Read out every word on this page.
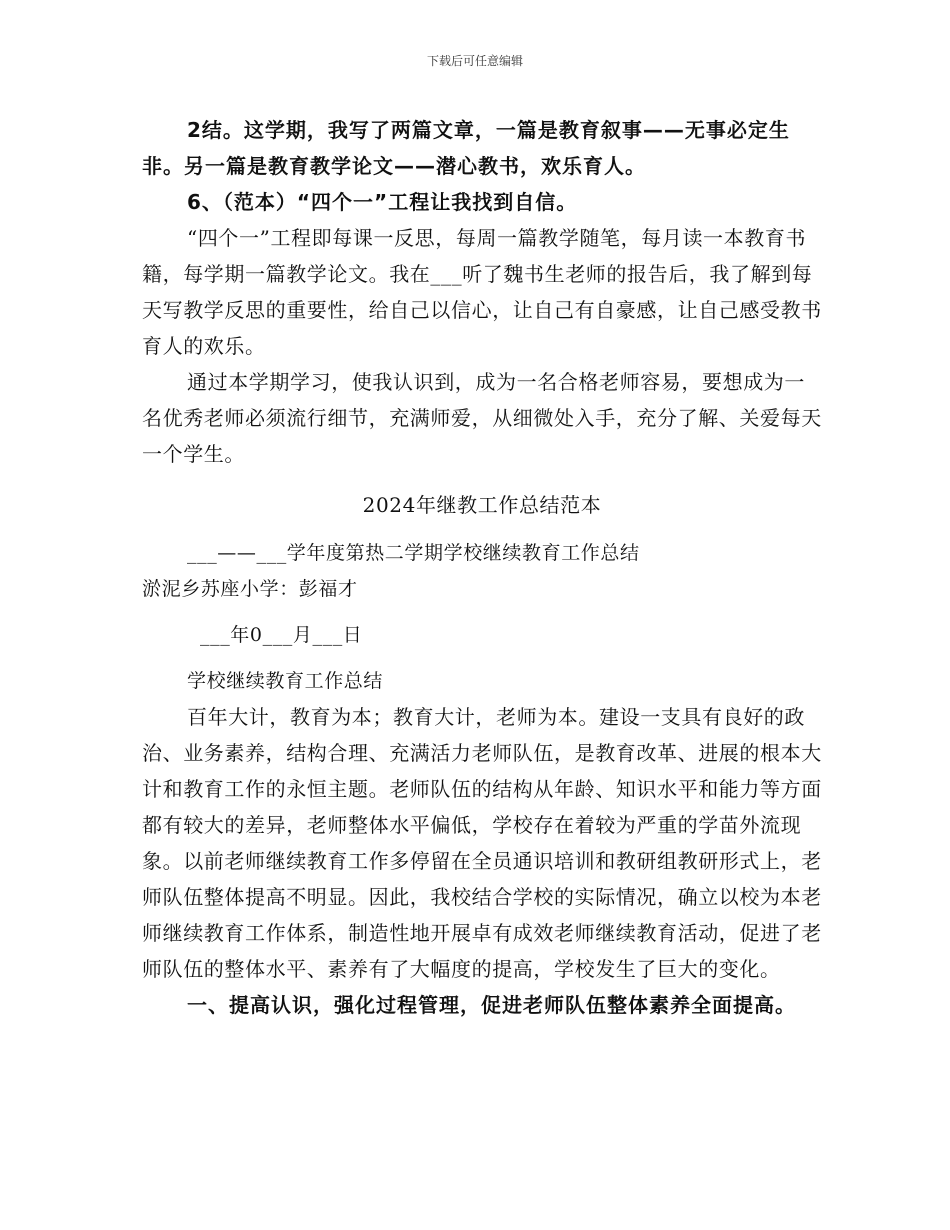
下载后可任意编辑

2结。这学期，我写了两篇文章，一篇是教育叙事——无事必定生非。另一篇是教育教学论文——潜心教书，欢乐育人。

6、（范本）“四个一”工程让我找到自信。

“四个一”工程即每课一反思，每周一篇教学随笔，每月读一本教育书籍，每学期一篇教学论文。我在___听了魏书生老师的报告后，我了解到每天写教学反思的重要性，给自己以信心，让自己有自豪感，让自己感受教书育人的欢乐。

通过本学期学习，使我认识到，成为一名合格老师容易，要想成为一名优秀老师必须流行细节，充满师爱，从细微处入手，充分了解、关爱每天一个学生。

2024年继教工作总结范本

___——___学年度第热二学期学校继续教育工作总结

淤泥乡苏座小学：彭福才

___年0___月___日

学校继续教育工作总结

百年大计，教育为本；教育大计，老师为本。建设一支具有良好的政治、业务素养，结构合理、充满活力老师队伍，是教育改革、进展的根本大计和教育工作的永恒主题。老师队伍的结构从年龄、知识水平和能力等方面都有较大的差异，老师整体水平偏低，学校存在着较为严重的学苗外流现象。以前老师继续教育工作多停留在全员通识培训和教研组教研形式上，老师队伍整体提高不明显。因此，我校结合学校的实际情况，确立以校为本老师继续教育工作体系，制造性地开展卓有成效老师继续教育活动，促进了老师队伍的整体水平、素养有了大幅度的提高，学校发生了巨大的变化。

一、提高认识，强化过程管理，促进老师队伍整体素养全面提高。
